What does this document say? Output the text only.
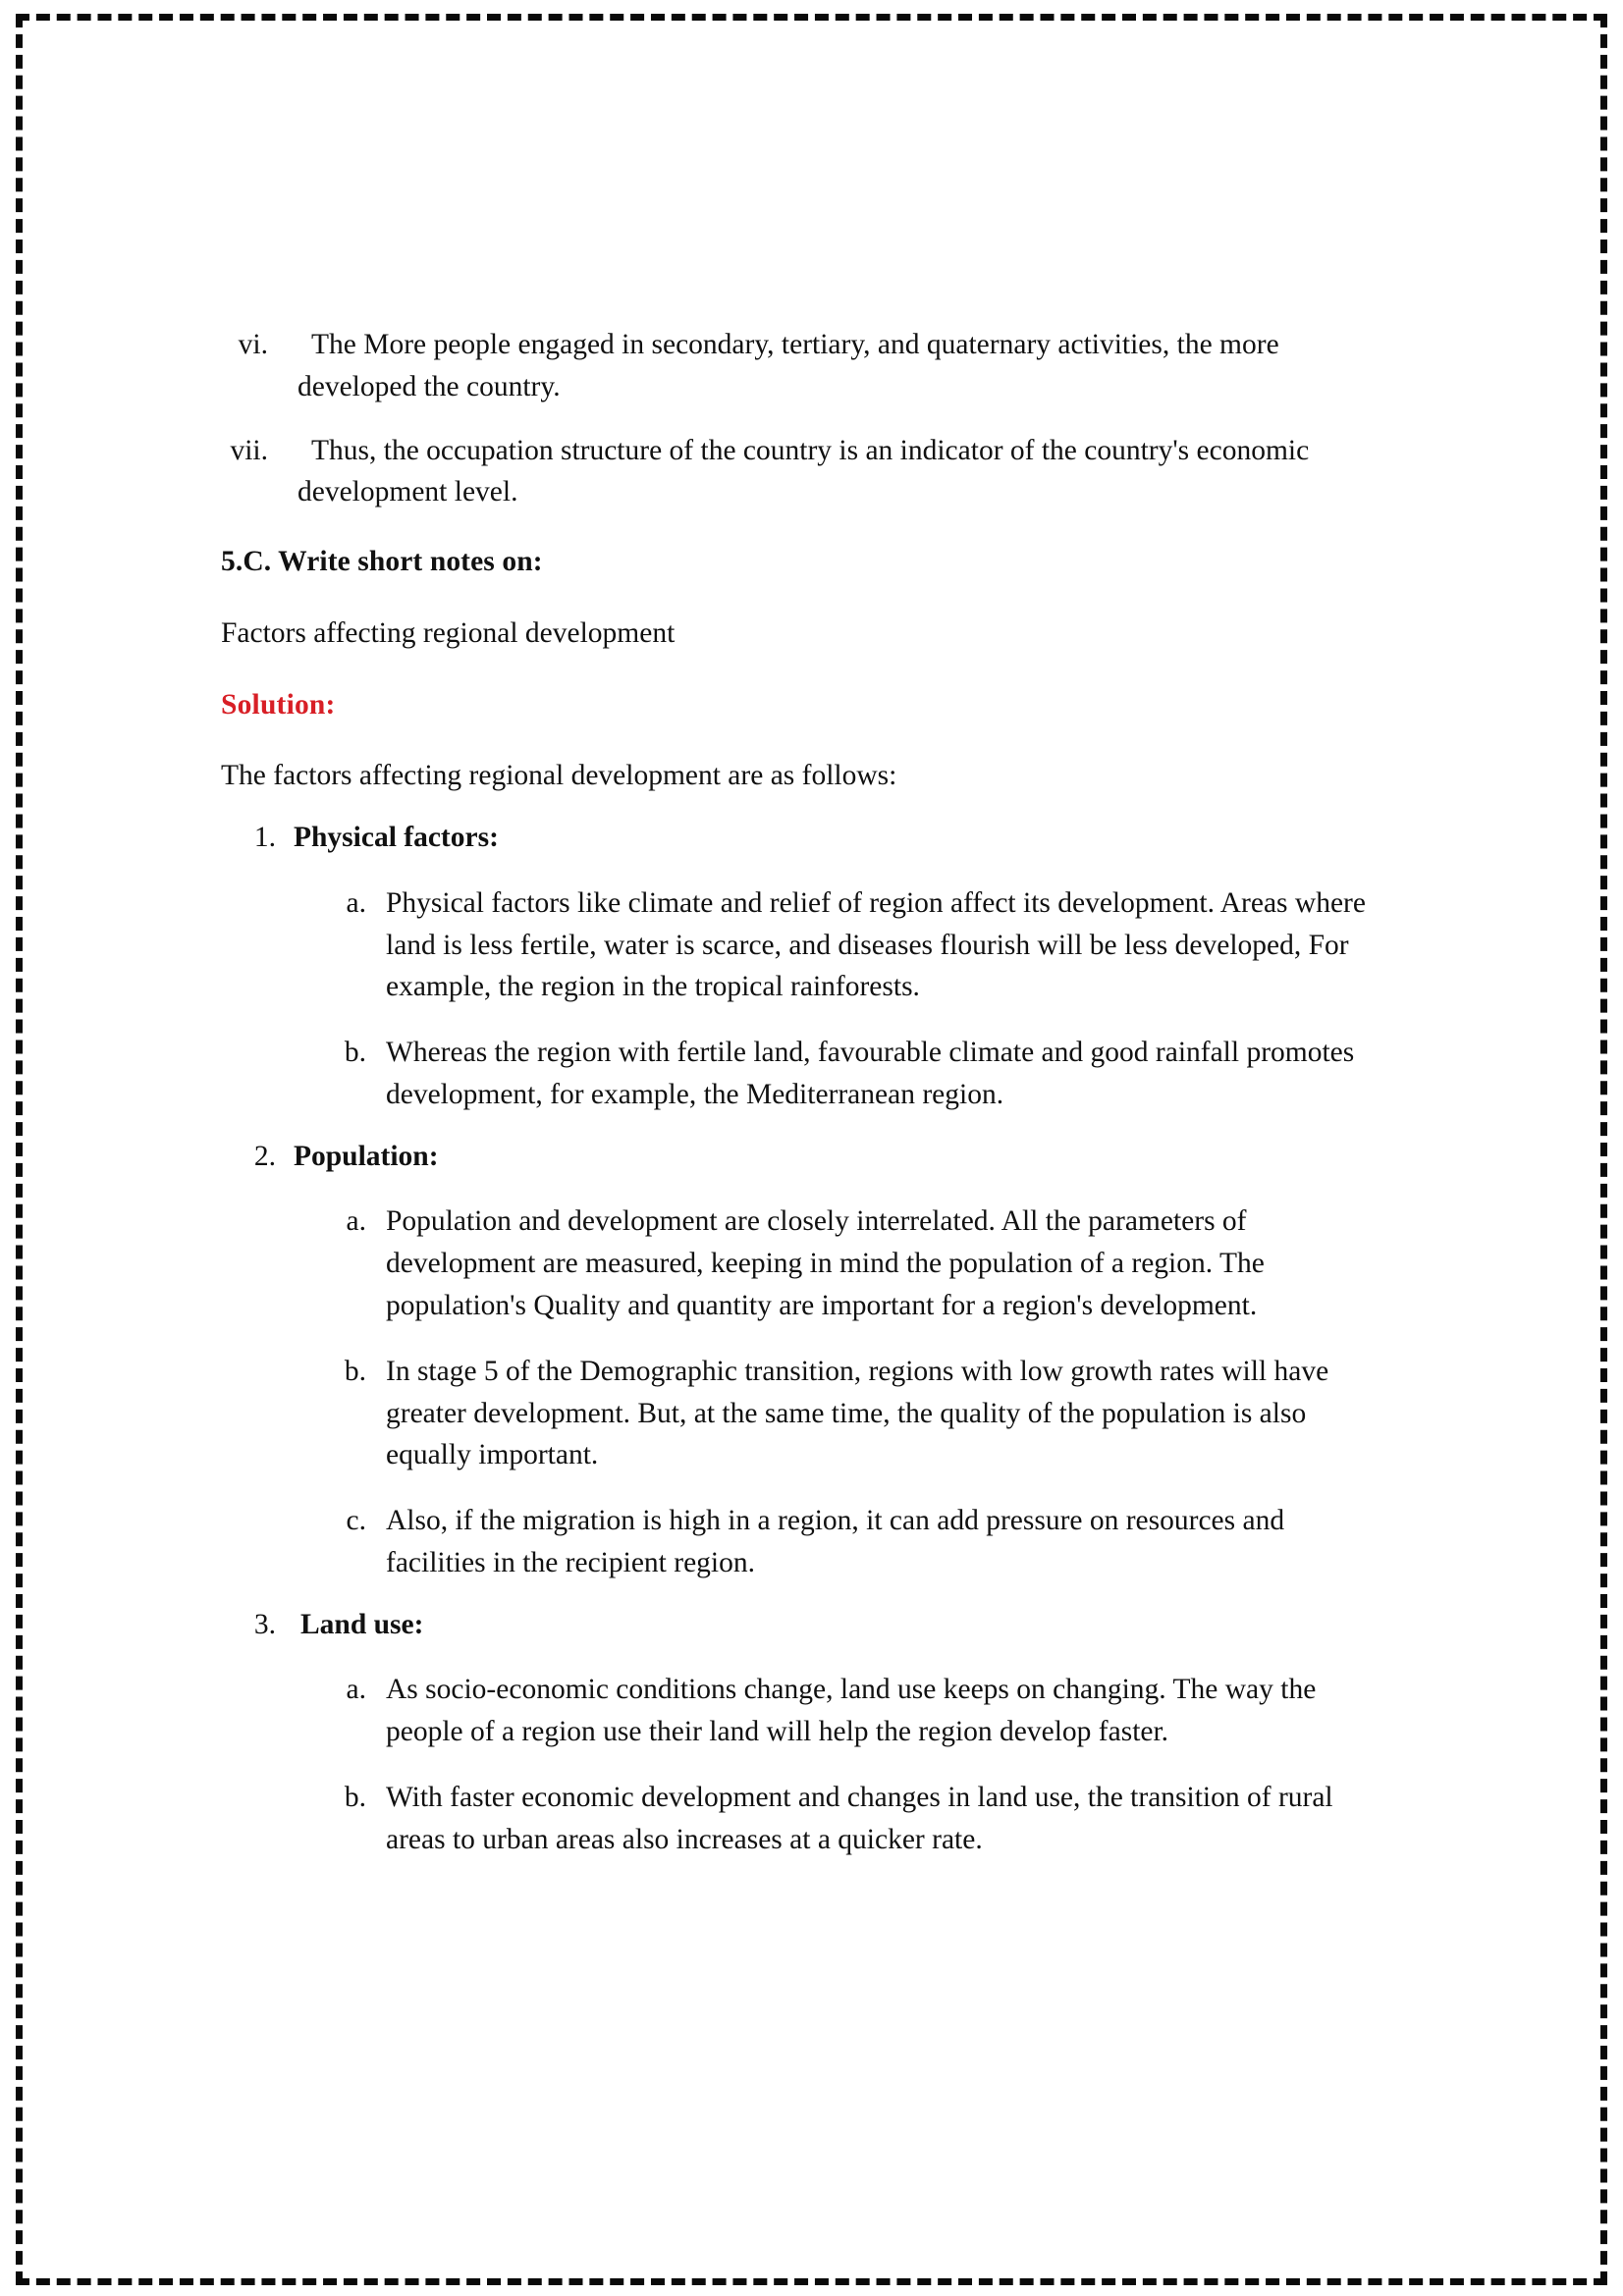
vi.	The More people engaged in secondary, tertiary, and quaternary activities, the more developed the country.
vii.	Thus, the occupation structure of the country is an indicator of the country's economic development level.

5.C. Write short notes on:

Factors affecting regional development

Solution:

The factors affecting regional development are as follows:

1. Physical factors:
a. Physical factors like climate and relief of region affect its development. Areas where land is less fertile, water is scarce, and diseases flourish will be less developed, For example, the region in the tropical rainforests.
b. Whereas the region with fertile land, favourable climate and good rainfall promotes development, for example, the Mediterranean region.
2. Population:
a. Population and development are closely interrelated. All the parameters of development are measured, keeping in mind the population of a region. The population's Quality and quantity are important for a region's development.
b. In stage 5 of the Demographic transition, regions with low growth rates will have greater development. But, at the same time, the quality of the population is also equally important.
c. Also, if the migration is high in a region, it can add pressure on resources and facilities in the recipient region.
3. Land use:
a. As socio-economic conditions change, land use keeps on changing. The way the people of a region use their land will help the region develop faster.
b. With faster economic development and changes in land use, the transition of rural areas to urban areas also increases at a quicker rate.
